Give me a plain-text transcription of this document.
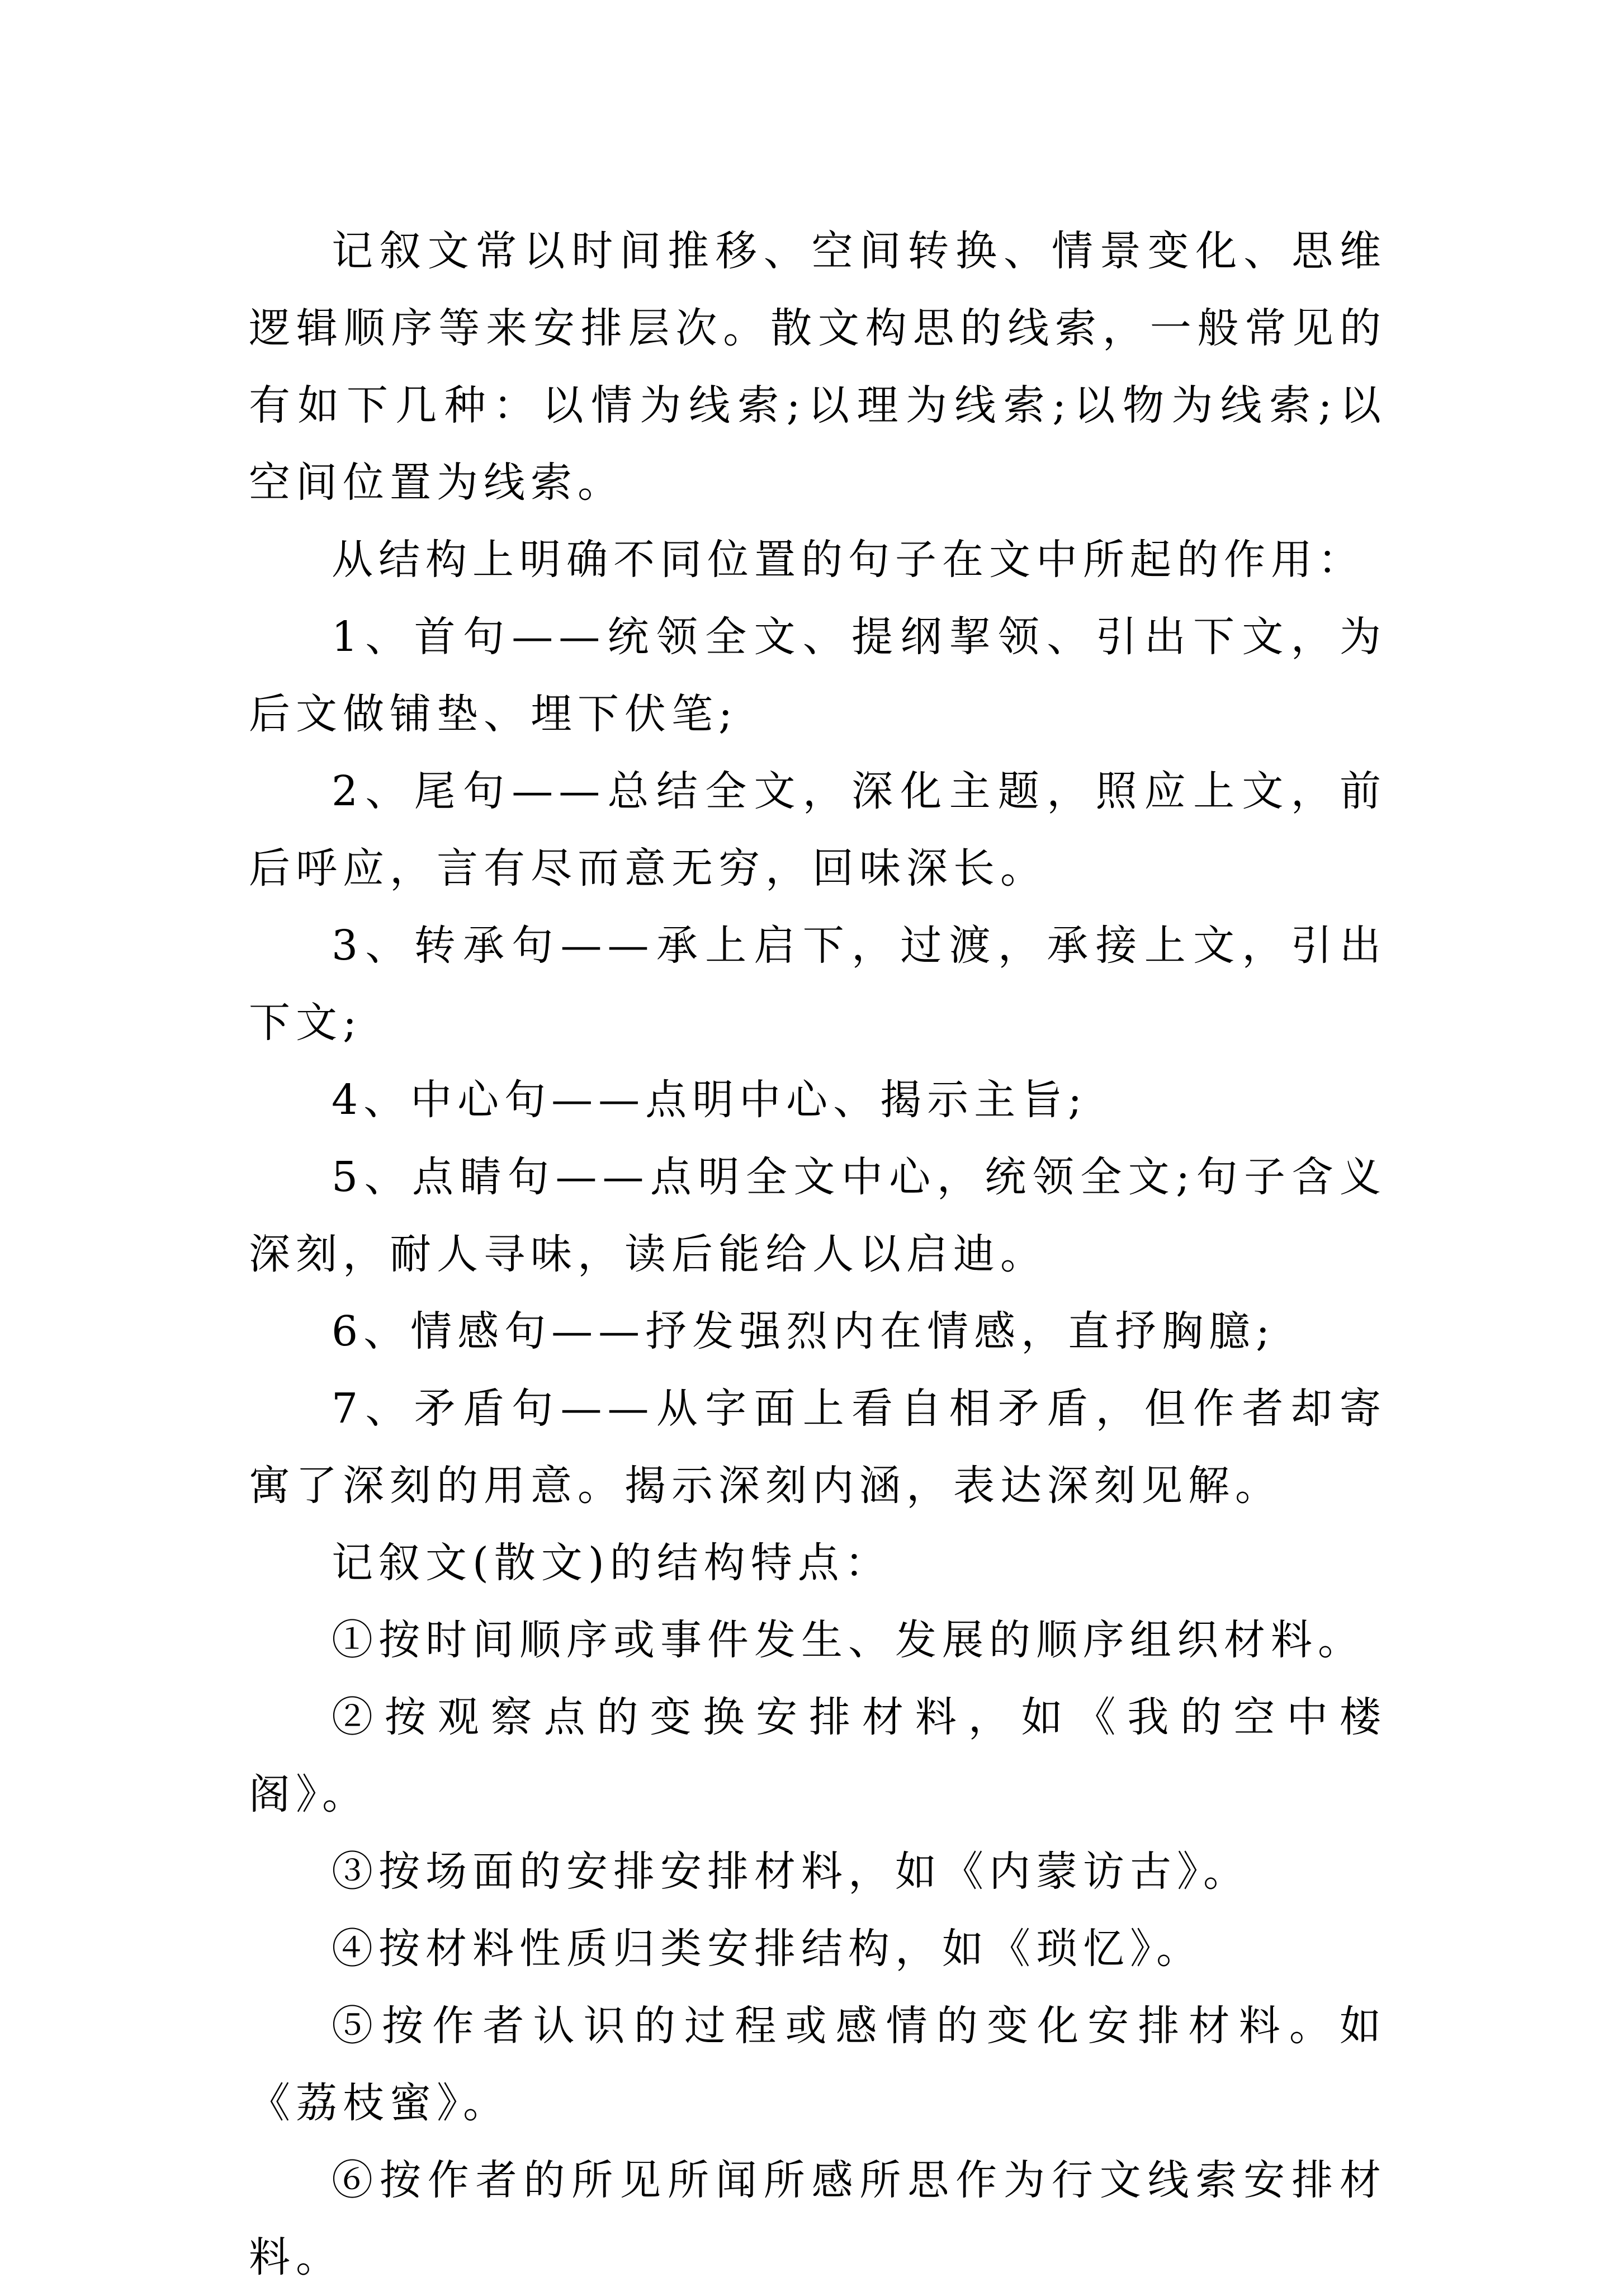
记叙文常以时间推移、空间转换、情景变化、思维逻辑顺序等来安排层次。散文构思的线索，一般常见的有如下几种：以情为线索;以理为线索;以物为线索;以空间位置为线索。

从结构上明确不同位置的句子在文中所起的作用：

1、首句——统领全文、提纲挈领、引出下文，为后文做铺垫、埋下伏笔;

2、尾句——总结全文，深化主题，照应上文，前后呼应，言有尽而意无穷，回味深长。

3、转承句——承上启下，过渡，承接上文，引出下文;

4、中心句——点明中心、揭示主旨;

5、点睛句——点明全文中心，统领全文;句子含义深刻，耐人寻味，读后能给人以启迪。

6、情感句——抒发强烈内在情感，直抒胸臆;

7、矛盾句——从字面上看自相矛盾，但作者却寄寓了深刻的用意。揭示深刻内涵，表达深刻见解。

记叙文(散文)的结构特点：

①按时间顺序或事件发生、发展的顺序组织材料。

②按观察点的变换安排材料，如《我的空中楼阁》。

③按场面的安排安排材料，如《内蒙访古》。

④按材料性质归类安排结构，如《琐忆》。

⑤按作者认识的过程或感情的变化安排材料。如《荔枝蜜》。

⑥按作者的所见所闻所感所思作为行文线索安排材料。
